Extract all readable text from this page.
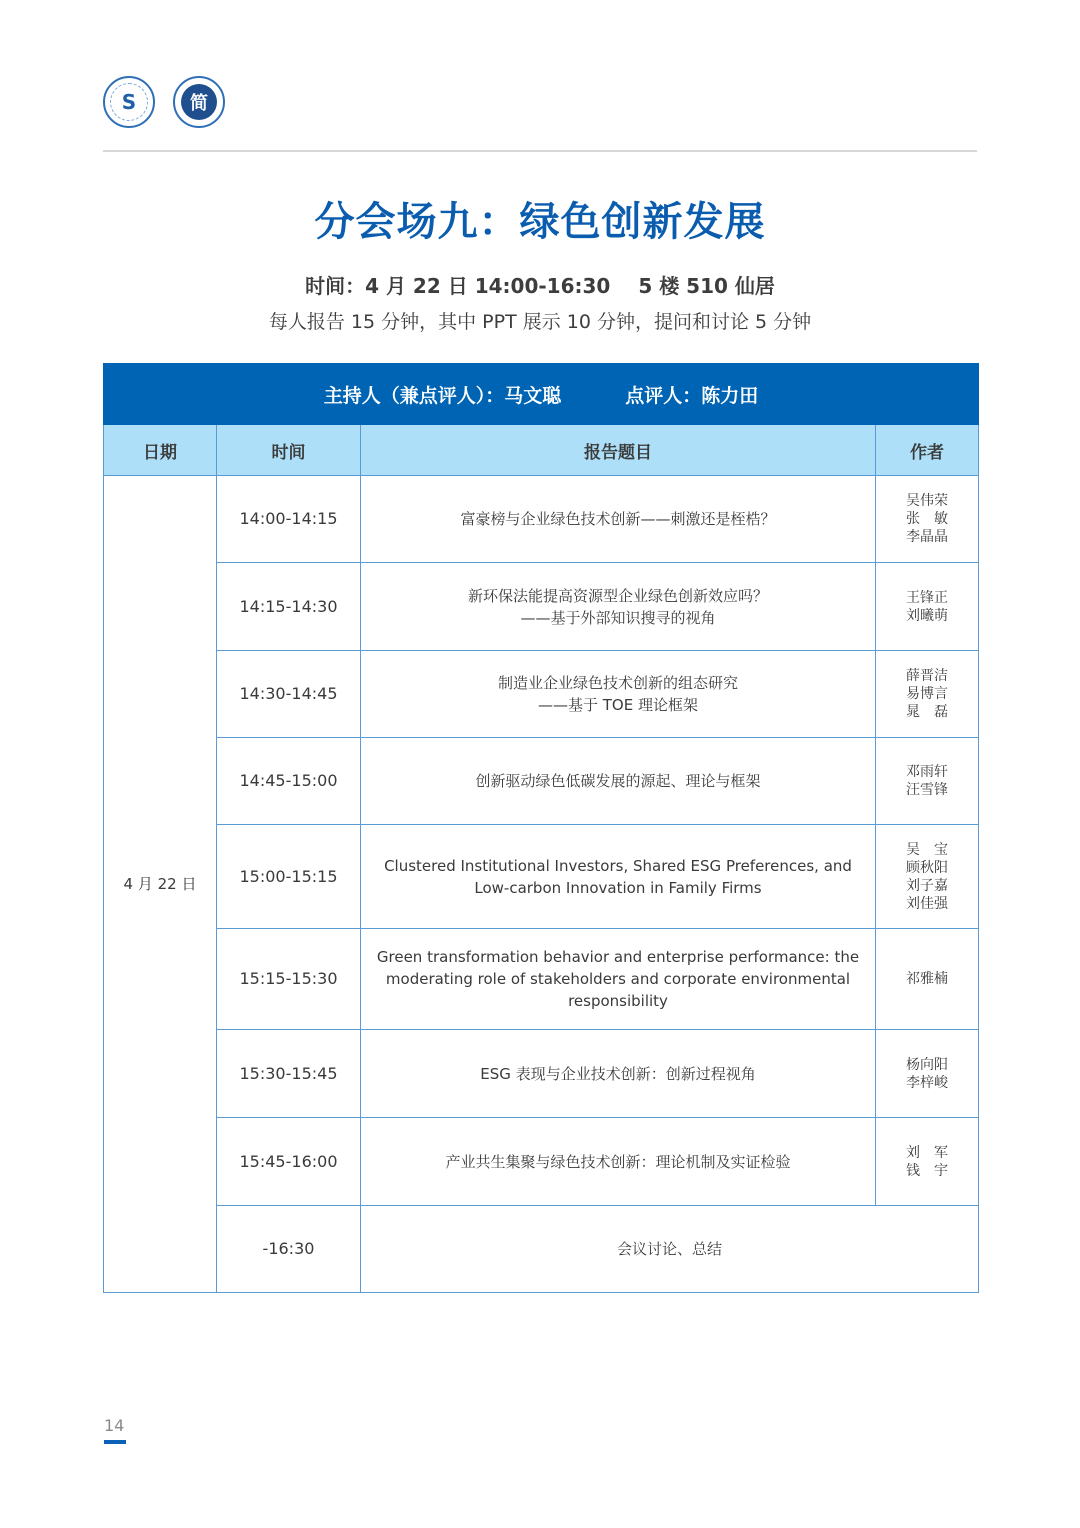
S	简
分会场九：绿色创新发展
时间：4 月 22 日 14:00-16:30 5 楼 510 仙居
每人报告 15 分钟，其中 PPT 展示 10 分钟，提问和讨论 5 分钟
主持人（兼点评人）：马文聪 点评人：陈力田			
日期	时间	报告题目	作者
4 月 22 日	14:00-14:15	富豪榜与企业绿色技术创新——刺激还是桎梏？	吴伟荣
张　敏
李晶晶

	14:15-14:30	新环保法能提高资源型企业绿色创新效应吗？
——基于外部知识搜寻的视角	王锋正
刘曦萌

	14:30-14:45	制造业企业绿色技术创新的组态研究
——基于 TOE 理论框架	薛晋洁
易博言
晁　磊

	14:45-15:00	创新驱动绿色低碳发展的源起、理论与框架	邓雨轩
汪雪锋

	15:00-15:15	Clustered Institutional Investors, Shared ESG Preferences, and
Low-carbon Innovation in Family Firms	吴　宝
顾秋阳
刘子嘉
刘佳强

	15:15-15:30	Green transformation behavior and enterprise performance: the
moderating role of stakeholders and corporate environmental
responsibility	祁雅楠

	15:30-15:45	ESG 表现与企业技术创新：创新过程视角	杨向阳
李梓峻

	15:45-16:00	产业共生集聚与绿色技术创新：理论机制及实证检验	刘　军
钱　宇

	-16:30	会议讨论、总结	
14
